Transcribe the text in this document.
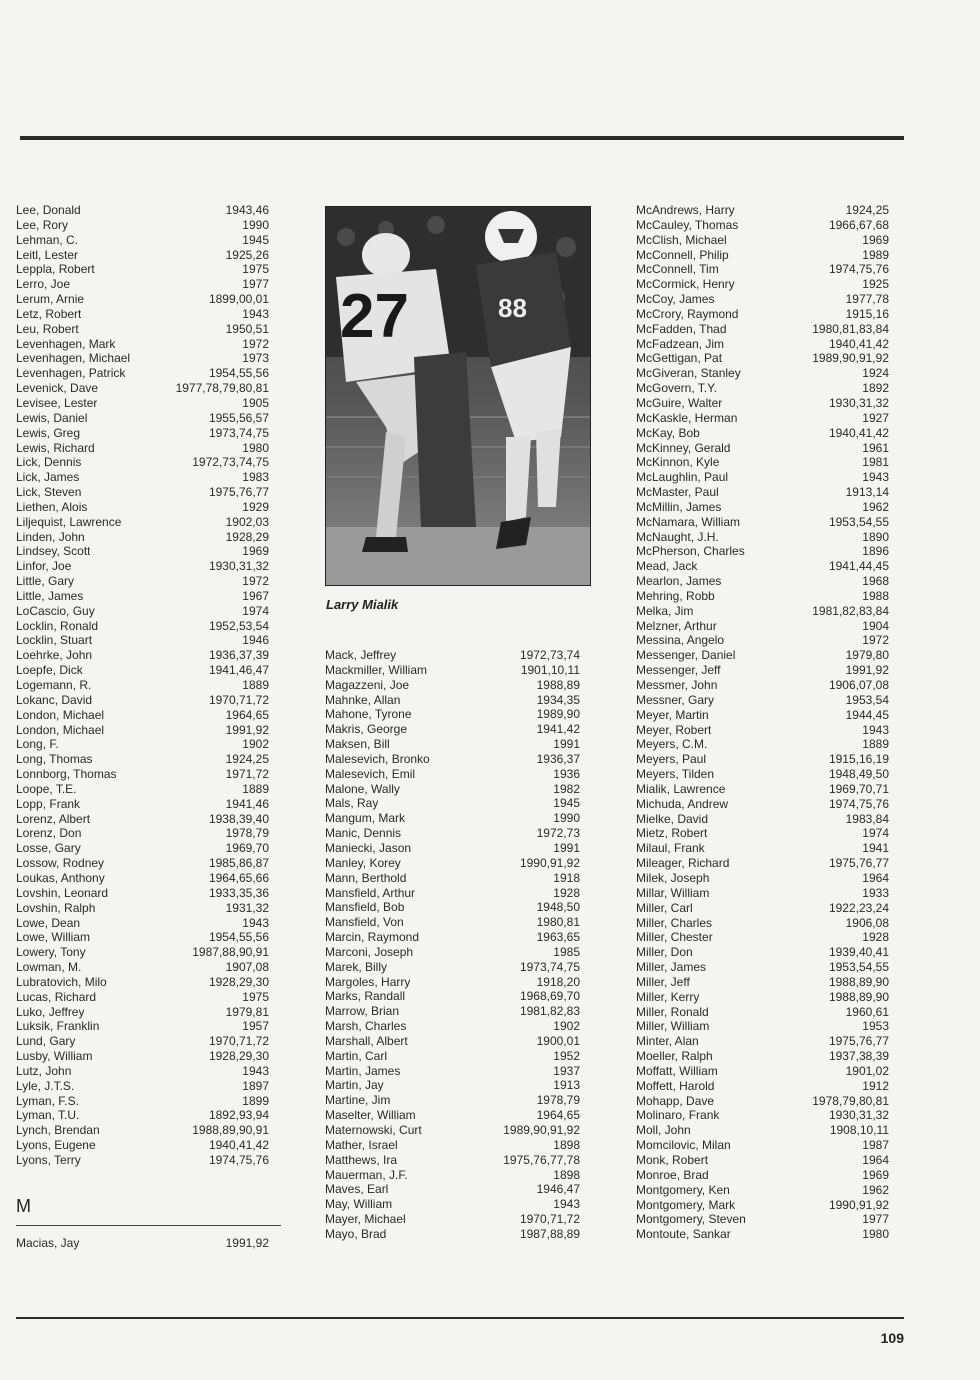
Lee, Donald	1943,46
Lee, Rory	1990
Lehman, C.	1945
Leitl, Lester	1925,26
Leppla, Robert	1975
Lerro, Joe	1977
Lerum, Arnie	1899,00,01
Letz, Robert	1943
Leu, Robert	1950,51
Levenhagen, Mark	1972
Levenhagen, Michael	1973
Levenhagen, Patrick	1954,55,56
Levenick, Dave	1977,78,79,80,81
Levisee, Lester	1905
Lewis, Daniel	1955,56,57
Lewis, Greg	1973,74,75
Lewis, Richard	1980
Lick, Dennis	1972,73,74,75
Lick, James	1983
Lick, Steven	1975,76,77
Liethen, Alois	1929
Liljequist, Lawrence	1902,03
Linden, John	1928,29
Lindsey, Scott	1969
Linfor, Joe	1930,31,32
Little, Gary	1972
Little, James	1967
LoCascio, Guy	1974
Locklin, Ronald	1952,53,54
Locklin, Stuart	1946
Loehrke, John	1936,37,39
Loepfe, Dick	1941,46,47
Logemann, R.	1889
Lokanc, David	1970,71,72
London, Michael	1964,65
London, Michael	1991,92
Long, F.	1902
Long, Thomas	1924,25
Lonnborg, Thomas	1971,72
Loope, T.E.	1889
Lopp, Frank	1941,46
Lorenz, Albert	1938,39,40
Lorenz, Don	1978,79
Losse, Gary	1969,70
Lossow, Rodney	1985,86,87
Loukas, Anthony	1964,65,66
Lovshin, Leonard	1933,35,36
Lovshin, Ralph	1931,32
Lowe, Dean	1943
Lowe, William	1954,55,56
Lowery, Tony	1987,88,90,91
Lowman, M.	1907,08
Lubratovich, Milo	1928,29,30
Lucas, Richard	1975
Luko, Jeffrey	1979,81
Luksik, Franklin	1957
Lund, Gary	1970,71,72
Lusby, William	1928,29,30
Lutz, John	1943
Lyle, J.T.S.	1897
Lyman, F.S.	1899
Lyman, T.U.	1892,93,94
Lynch, Brendan	1988,89,90,91
Lyons, Eugene	1940,41,42
Lyons, Terry	1974,75,76
27	88
Larry Mialik
Mack, Jeffrey	1972,73,74
Mackmiller, William	1901,10,11
Magazzeni, Joe	1988,89
Mahnke, Allan	1934,35
Mahone, Tyrone	1989,90
Makris, George	1941,42
Maksen, Bill	1991
Malesevich, Bronko	1936,37
Malesevich, Emil	1936
Malone, Wally	1982
Mals, Ray	1945
Mangum, Mark	1990
Manic, Dennis	1972,73
Maniecki, Jason	1991
Manley, Korey	1990,91,92
Mann, Berthold	1918
Mansfield, Arthur	1928
Mansfield, Bob	1948,50
Mansfield, Von	1980,81
Marcin, Raymond	1963,65
Marconi, Joseph	1985
Marek, Billy	1973,74,75
Margoles, Harry	1918,20
Marks, Randall	1968,69,70
Marrow, Brian	1981,82,83
Marsh, Charles	1902
Marshall, Albert	1900,01
Martin, Carl	1952
Martin, James	1937
Martin, Jay	1913
Martine, Jim	1978,79
Maselter, William	1964,65
Maternowski, Curt	1989,90,91,92
Mather, Israel	1898
Matthews, Ira	1975,76,77,78
Mauerman, J.F.	1898
Maves, Earl	1946,47
May, William	1943
Mayer, Michael	1970,71,72
Mayo, Brad	1987,88,89
McAndrews, Harry	1924,25
McCauley, Thomas	1966,67,68
McClish, Michael	1969
McConnell, Philip	1989
McConnell, Tim	1974,75,76
McCormick, Henry	1925
McCoy, James	1977,78
McCrory, Raymond	1915,16
McFadden, Thad	1980,81,83,84
McFadzean, Jim	1940,41,42
McGettigan, Pat	1989,90,91,92
McGiveran, Stanley	1924
McGovern, T.Y.	1892
McGuire, Walter	1930,31,32
McKaskle, Herman	1927
McKay, Bob	1940,41,42
McKinney, Gerald	1961
McKinnon, Kyle	1981
McLaughlin, Paul	1943
McMaster, Paul	1913,14
McMillin, James	1962
McNamara, William	1953,54,55
McNaught, J.H.	1890
McPherson, Charles	1896
Mead, Jack	1941,44,45
Mearlon, James	1968
Mehring, Robb	1988
Melka, Jim	1981,82,83,84
Melzner, Arthur	1904
Messina, Angelo	1972
Messenger, Daniel	1979,80
Messenger, Jeff	1991,92
Messmer, John	1906,07,08
Messner, Gary	1953,54
Meyer, Martin	1944,45
Meyer, Robert	1943
Meyers, C.M.	1889
Meyers, Paul	1915,16,19
Meyers, Tilden	1948,49,50
Mialik, Lawrence	1969,70,71
Michuda, Andrew	1974,75,76
Mielke, David	1983,84
Mietz, Robert	1974
Milaul, Frank	1941
Mileager, Richard	1975,76,77
Milek, Joseph	1964
Millar, William	1933
Miller, Carl	1922,23,24
Miller, Charles	1906,08
Miller, Chester	1928
Miller, Don	1939,40,41
Miller, James	1953,54,55
Miller, Jeff	1988,89,90
Miller, Kerry	1988,89,90
Miller, Ronald	1960,61
Miller, William	1953
Minter, Alan	1975,76,77
Moeller, Ralph	1937,38,39
Moffatt, William	1901,02
Moffett, Harold	1912
Mohapp, Dave	1978,79,80,81
Molinaro, Frank	1930,31,32
Moll, John	1908,10,11
Momcilovic, Milan	1987
Monk, Robert	1964
Monroe, Brad	1969
Montgomery, Ken	1962
Montgomery, Mark	1990,91,92
Montgomery, Steven	1977
Montoute, Sankar	1980
M
Macias, Jay	1991,92
109
